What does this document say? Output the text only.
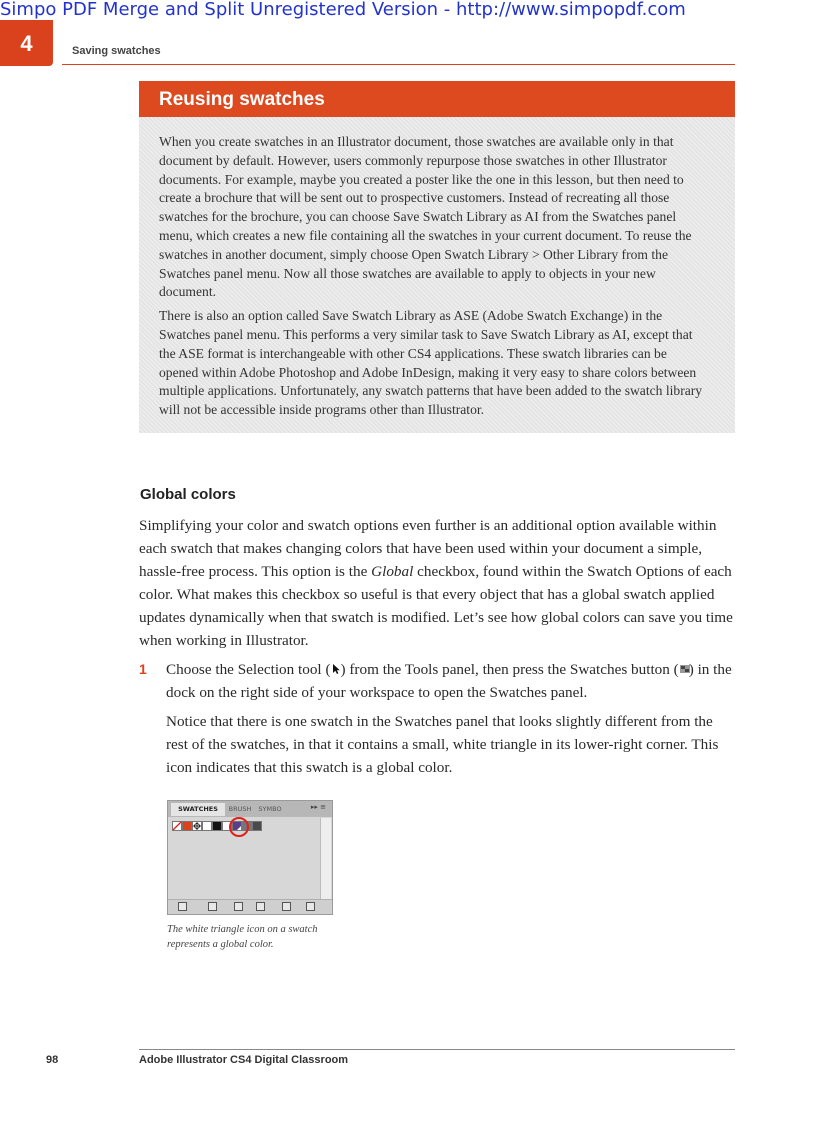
Simpo PDF Merge and Split Unregistered Version - http://www.simpopdf.com
4	Saving swatches
Reusing swatches

When you create swatches in an Illustrator document, those swatches are available only in that document by default. However, users commonly repurpose those swatches in other Illustrator documents. For example, maybe you created a poster like the one in this lesson, but then need to create a brochure that will be sent out to prospective customers. Instead of recreating all those swatches for the brochure, you can choose Save Swatch Library as AI from the Swatches panel menu, which creates a new file containing all the swatches in your current document. To reuse the swatches in another document, simply choose Open Swatch Library > Other Library from the Swatches panel menu. Now all those swatches are available to apply to objects in your new document.

There is also an option called Save Swatch Library as ASE (Adobe Swatch Exchange) in the Swatches panel menu. This performs a very similar task to Save Swatch Library as AI, except that the ASE format is interchangeable with other CS4 applications. These swatch libraries can be opened within Adobe Photoshop and Adobe InDesign, making it very easy to share colors between multiple applications. Unfortunately, any swatch patterns that have been added to the swatch library will not be accessible inside programs other than Illustrator.

Global colors

Simplifying your color and swatch options even further is an additional option available within each swatch that makes changing colors that have been used within your document a simple, hassle-free process. This option is the Global checkbox, found within the Swatch Options of each color. What makes this checkbox so useful is that every object that has a global swatch applied updates dynamically when that swatch is modified. Let’s see how global colors can save you time when working in Illustrator.

1 Choose the Selection tool ( ) from the Tools panel, then press the Swatches button ( ) in the dock on the right side of your workspace to open the Swatches panel.

Notice that there is one swatch in the Swatches panel that looks slightly different from the rest of the swatches, in that it contains a small, white triangle in its lower-right corner. This icon indicates that this swatch is a global color.

SWATCHES	BRUSH	SYMBO	▸▸ ≡
The white triangle icon on a swatch represents a global color.
98	Adobe Illustrator CS4 Digital Classroom
